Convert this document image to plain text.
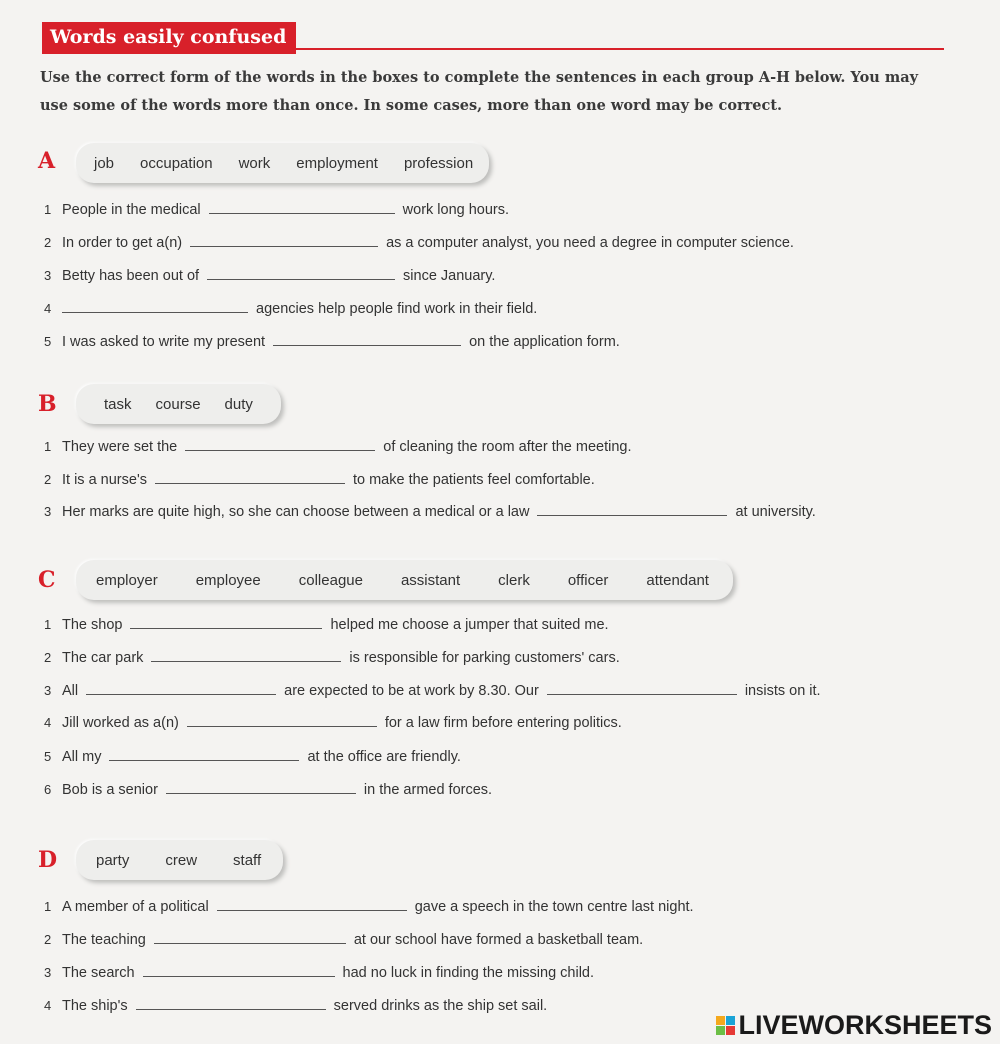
Words easily confused
Use the correct form of the words in the boxes to complete the sentences in each group A-H below. You may use some of the words more than once. In some cases, more than one word may be correct.
A	job occupation work employment profession
1 People in the medical	work long hours.
2 In order to get a(n)	as a computer analyst, you need a degree in computer science.
3 Betty has been out of	since January.
4	agencies help people find work in their field.
5 I was asked to write my present	on the application form.
B	task course duty
1 They were set the	of cleaning the room after the meeting.
2 It is a nurse's	to make the patients feel comfortable.
3 Her marks are quite high, so she can choose between a medical or a law	at university.
C	employer	employee	colleague	assistant	clerk	officer	attendant
1 The shop	helped me choose a jumper that suited me.
2 The car park	is responsible for parking customers' cars.
3 All	are expected to be at work by 8.30. Our	insists on it.
4 Jill worked as a(n)	for a law firm before entering politics.
5 All my	at the office are friendly.
6 Bob is a senior	in the armed forces.
D	party crew staff
1 A member of a political	gave a speech in the town centre last night.
2 The teaching	at our school have formed a basketball team.
3 The search	had no luck in finding the missing child.
4 The ship's	served drinks as the ship set sail.
LIVEWORKSHEETS
